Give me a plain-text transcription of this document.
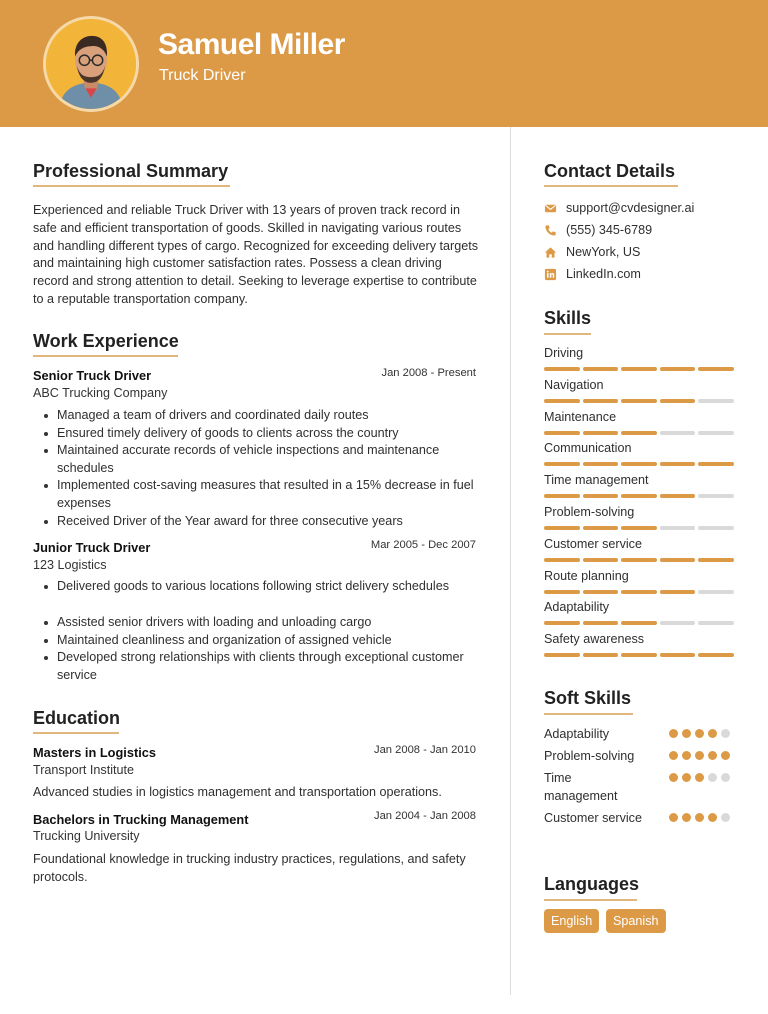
Samuel Miller
Truck Driver
Professional Summary
Experienced and reliable Truck Driver with 13 years of proven track record in safe and efficient transportation of goods. Skilled in navigating various routes and handling different types of cargo. Recognized for exceeding delivery targets and maintaining high customer satisfaction rates. Possess a clean driving record and strong attention to detail. Seeking to leverage expertise to contribute to a reputable transportation company.
Work Experience
Senior Truck Driver	Jan 2008 - Present
ABC Trucking Company
Managed a team of drivers and coordinated daily routes
Ensured timely delivery of goods to clients across the country
Maintained accurate records of vehicle inspections and maintenance schedules
Implemented cost-saving measures that resulted in a 15% decrease in fuel expenses
Received Driver of the Year award for three consecutive years
Junior Truck Driver	Mar 2005 - Dec 2007
123 Logistics
Delivered goods to various locations following strict delivery schedules
Assisted senior drivers with loading and unloading cargo
Maintained cleanliness and organization of assigned vehicle
Developed strong relationships with clients through exceptional customer service
Education
Masters in Logistics	Jan 2008 - Jan 2010
Transport Institute
Advanced studies in logistics management and transportation operations.
Bachelors in Trucking Management	Jan 2004 - Jan 2008
Trucking University
Foundational knowledge in trucking industry practices, regulations, and safety protocols.
Contact Details
support@cvdesigner.ai
(555) 345-6789
NewYork, US
LinkedIn.com
Skills
Driving
Navigation
Maintenance
Communication
Time management
Problem-solving
Customer service
Route planning
Adaptability
Safety awareness
Soft Skills
Adaptability
Problem-solving
Time management
Customer service
Languages
English	Spanish
